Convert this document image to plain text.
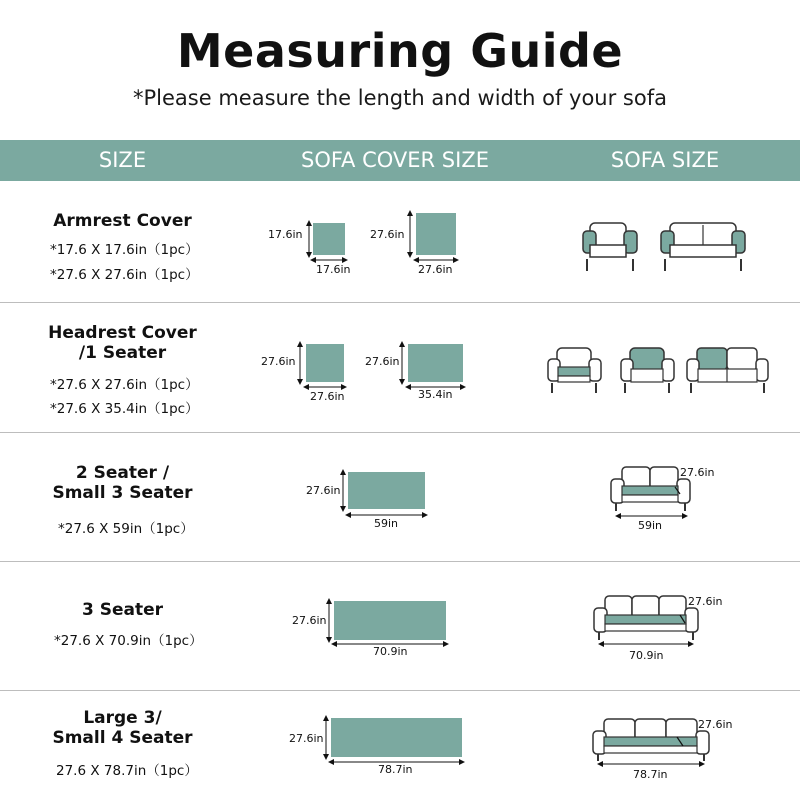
Measuring Guide
*Please measure the length and width of your sofa
SIZE	SOFA COVER SIZE	SOFA SIZE
Armrest Cover
*17.6 X 17.6in（1pc）
*27.6 X 27.6in（1pc）
17.6in
17.6in
27.6in
27.6in
Headrest Cover
/1 Seater
*27.6 X 27.6in（1pc）
*27.6 X 35.4in（1pc）
27.6in
27.6in
27.6in
35.4in
2 Seater /
Small 3 Seater
*27.6 X 59in（1pc）
27.6in
59in
27.6in
59in
3 Seater
*27.6 X 70.9in（1pc）
27.6in
70.9in
27.6in
70.9in
Large 3/
Small 4 Seater
27.6 X 78.7in（1pc）
27.6in
78.7in
27.6in
78.7in
